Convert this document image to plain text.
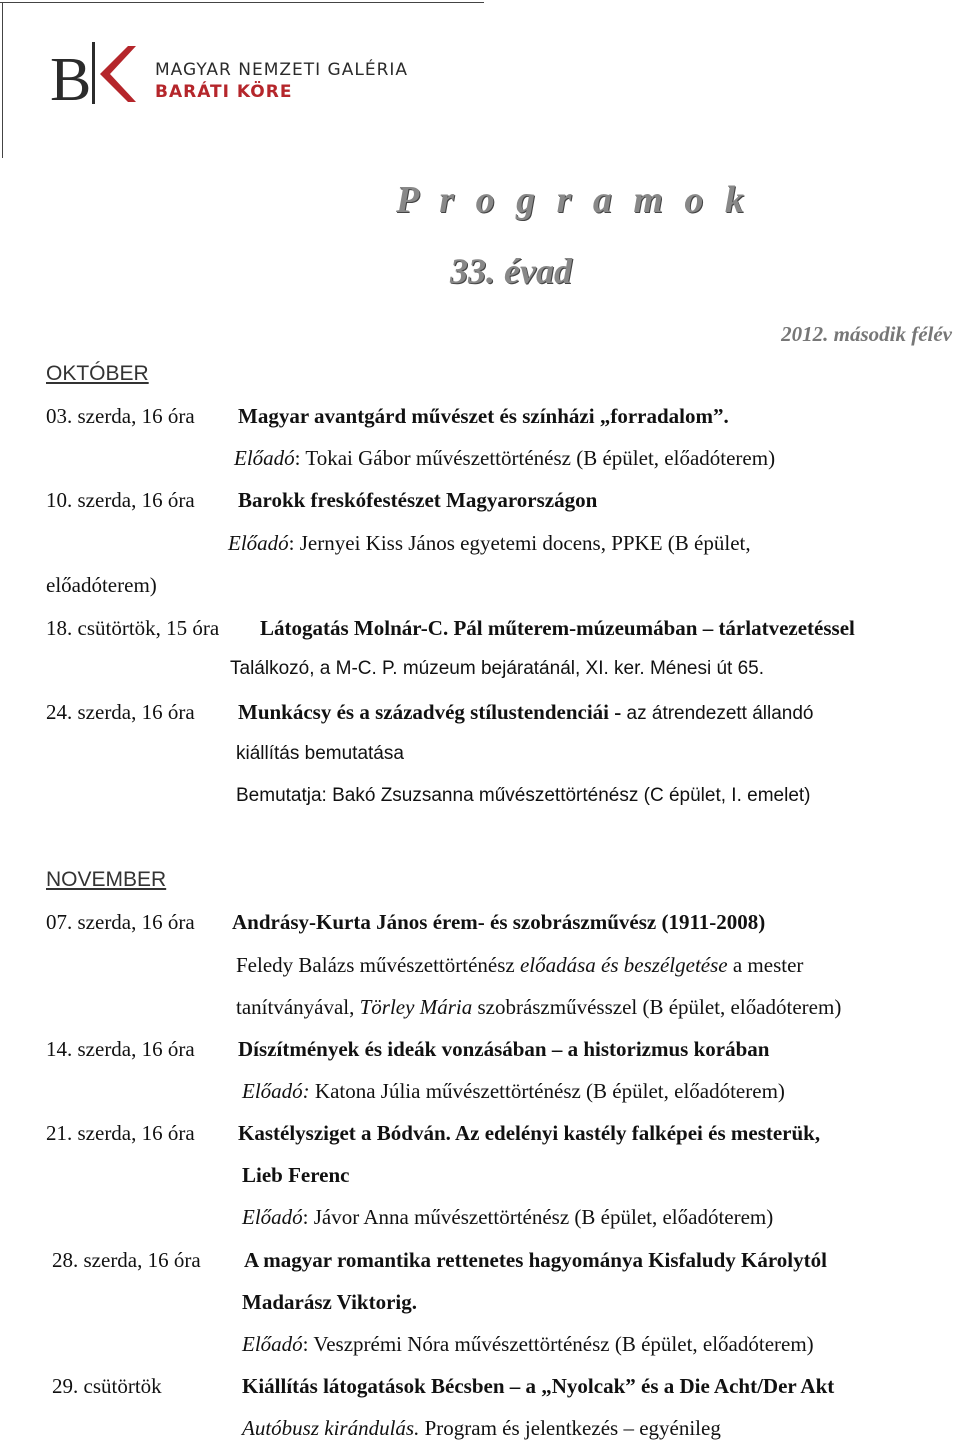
B	MAGYAR NEMZETI GALÉRIA
BARÁTI KÖRE
P r o g r a m o k
33. évad
2012. második félév
OKTÓBER
03. szerda, 16 óra Magyar avantgárd művészet és színházi „forradalom”.
Előadó: Tokai Gábor művészettörténész (B épület, előadóterem)
10. szerda, 16 óra Barokk freskófestészet Magyarországon
Előadó: Jernyei Kiss János egyetemi docens, PPKE (B épület,
előadóterem)
18. csütörtök, 15 óra Látogatás Molnár-C. Pál műterem-múzeumában – tárlatvezetéssel
Találkozó, a M-C. P. múzeum bejáratánál, XI. ker. Ménesi út 65.
24. szerda, 16 óra Munkácsy és a századvég stílustendenciái - az átrendezett állandó
kiállítás bemutatása
Bemutatja: Bakó Zsuzsanna művészettörténész (C épület, I. emelet)
NOVEMBER
07. szerda, 16 óra Andrásy-Kurta János érem- és szobrászművész (1911-2008)
Feledy Balázs művészettörténész előadása és beszélgetése a mester
tanítványával, Törley Mária szobrászművésszel (B épület, előadóterem)
14. szerda, 16 óra Díszítmények és ideák vonzásában – a historizmus korában
Előadó: Katona Júlia művészettörténész (B épület, előadóterem)
21. szerda, 16 óra Kastélysziget a Bódván. Az edelényi kastély falképei és mesterük,
Lieb Ferenc
Előadó: Jávor Anna művészettörténész (B épület, előadóterem)
28. szerda, 16 óra A magyar romantika rettenetes hagyománya Kisfaludy Károlytól
Madarász Viktorig.
Előadó: Veszprémi Nóra művészettörténész (B épület, előadóterem)
29. csütörtök	Kiállítás látogatások Bécsben – a „Nyolcak” és a Die Acht/Der Akt
Autóbusz kirándulás. Program és jelentkezés – egyénileg
